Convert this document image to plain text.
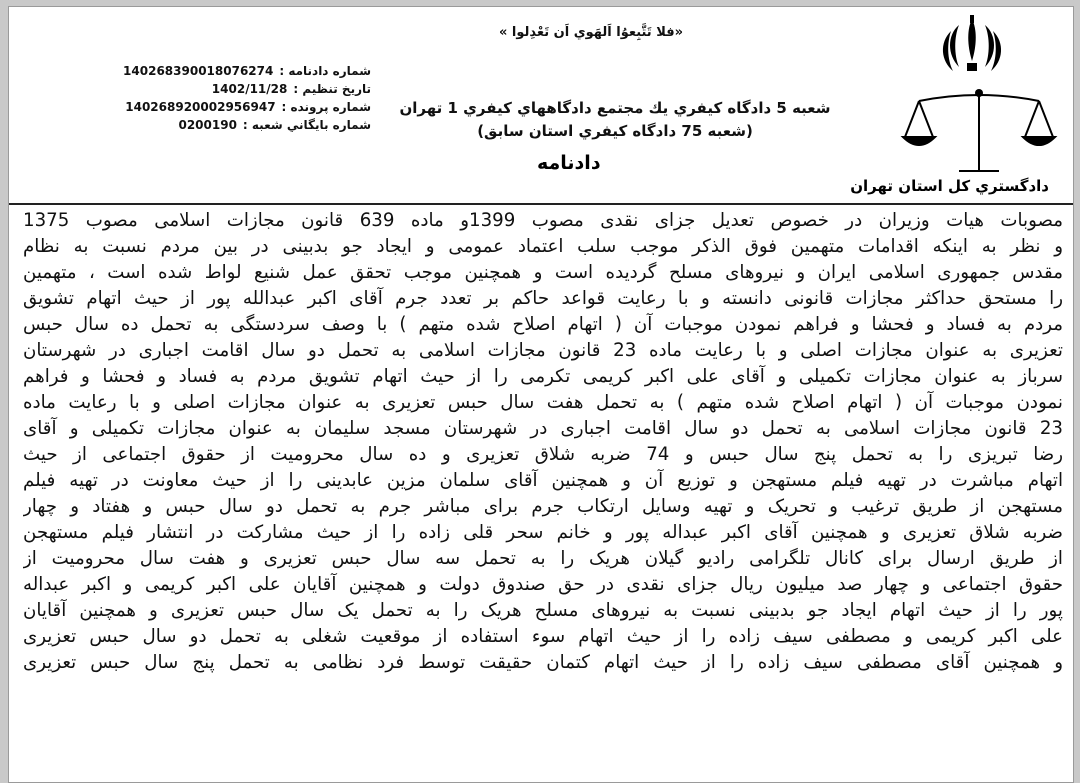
دادگستري كل استان تهران
«فلا تَتَّبِعوُا اَلهَوي اَن تَعْدِلوا »
شعبه 5 دادگاه كيفري يك مجتمع دادگاههاي كيفري 1 تهران (شعبه 75 دادگاه كيفري استان سابق)
دادنامه
شماره دادنامه :
140268390018076274
تاريخ تنظيم :
1402/11/28
شماره پرونده :
140268920002956947
شماره بايگاني شعبه :
0200190
مصوبات هیات وزیران در خصوص تعدیل جزای نقدی مصوب 1399و ماده 639 قانون مجازات اسلامی مصوب 1375
و نظر به اینکه اقدامات متهمین فوق الذکر موجب سلب اعتماد عمومی و ایجاد جو بدبینی در بین مردم نسبت به نظام
مقدس جمهوری اسلامی ایران و نیروهای مسلح گردیده است و همچنین موجب تحقق عمل شنیع لواط شده است ، متهمین
را مستحق حداکثر مجازات قانونی دانسته و با رعایت قواعد حاکم بر تعدد جرم آقای اکبر عبدالله پور از حیث اتهام تشویق
مردم به فساد و فحشا و فراهم نمودن موجبات آن ( اتهام اصلاح شده متهم ) با وصف سردستگی به تحمل ده سال حبس
تعزیری به عنوان مجازات اصلی و با رعایت ماده 23 قانون مجازات اسلامی به تحمل دو سال اقامت اجباری در شهرستان
سرباز به عنوان مجازات تکمیلی و آقای علی اکبر کریمی تکرمی را از حیث اتهام تشویق مردم به فساد و فحشا و فراهم
نمودن موجبات آن ( اتهام اصلاح شده متهم ) به تحمل هفت سال حبس تعزیری به عنوان مجازات اصلی و با رعایت ماده
23 قانون مجازات اسلامی به تحمل دو سال اقامت اجباری در شهرستان مسجد سلیمان به عنوان مجازات تکمیلی و آقای
رضا تبریزی را به تحمل پنج سال حبس و 74 ضربه شلاق تعزیری و ده سال محرومیت از حقوق اجتماعی از حیث
اتهام مباشرت در تهیه فیلم مستهجن و توزیع آن و همچنین آقای سلمان مزین عابدینی را از حیث معاونت در تهیه فیلم
مستهجن از طریق ترغیب و تحریک و تهیه وسایل ارتکاب جرم برای مباشر جرم به تحمل دو سال حبس و هفتاد و چهار
ضربه شلاق تعزیری و همچنین آقای اکبر عبداله پور و خانم سحر قلی زاده را از حیث مشارکت در انتشار فیلم مستهجن
از طریق ارسال برای کانال تلگرامی رادیو گیلان هریک را به تحمل سه سال حبس تعزیری و هفت سال محرومیت از
حقوق اجتماعی و چهار صد میلیون ریال جزای نقدی در حق صندوق دولت و همچنین آقایان علی اکبر کریمی و اکبر عبداله
پور را از حیث اتهام ایجاد جو بدبینی نسبت به نیروهای مسلح هریک را به تحمل یک سال حبس تعزیری و همچنین آقایان
علی اکبر کریمی و مصطفی سیف زاده را از حیث اتهام سوء استفاده از موقعیت شغلی به تحمل دو سال حبس تعزیری
و همچنین آقای مصطفی سیف زاده را از حیث اتهام کتمان حقیقت توسط فرد نظامی به تحمل پنج سال حبس تعزیری
